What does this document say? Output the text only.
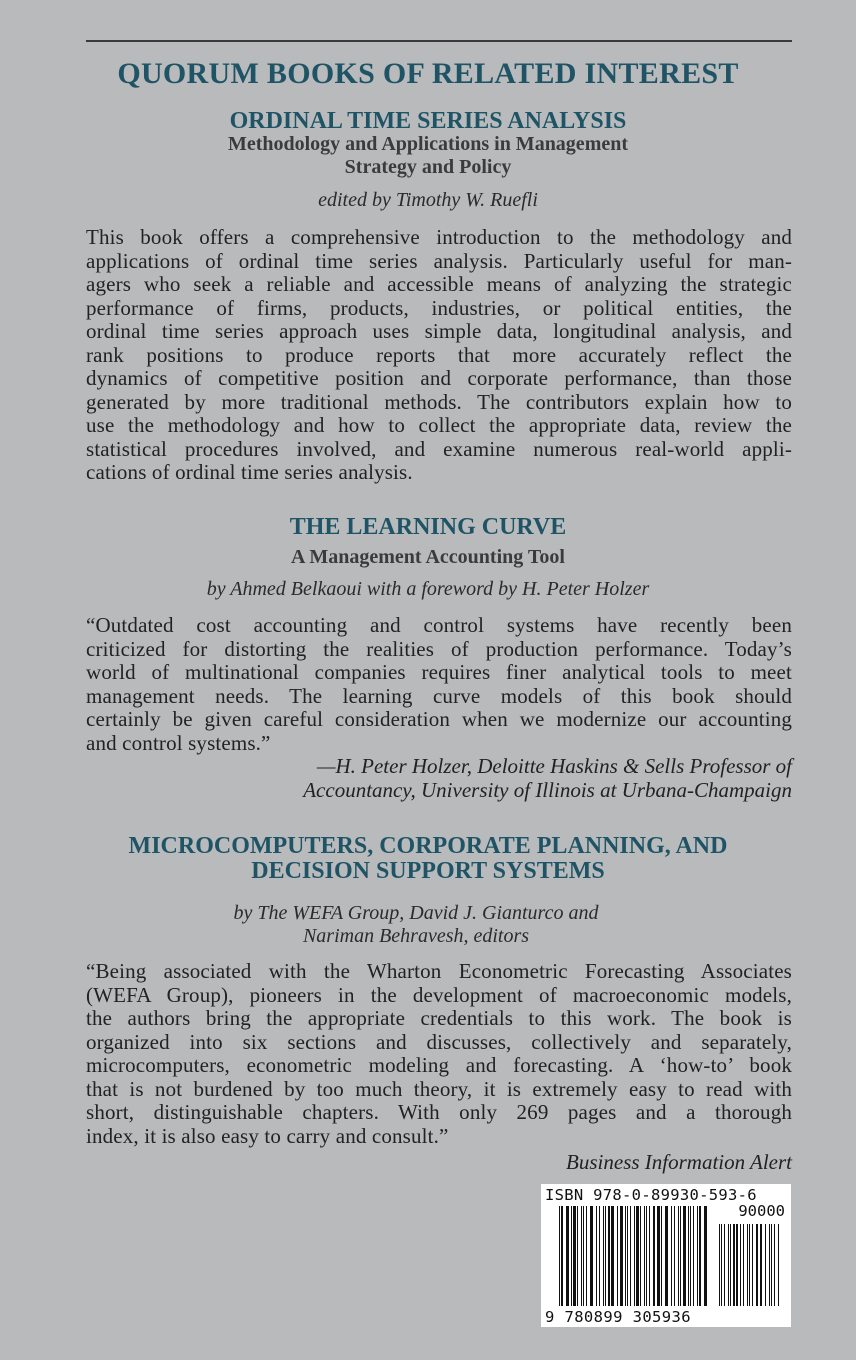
QUORUM BOOKS OF RELATED INTEREST
ORDINAL TIME SERIES ANALYSIS
Methodology and Applications in Management
Strategy and Policy
edited by Timothy W. Ruefli
This book offers a comprehensive introduction to the methodology and
applications of ordinal time series analysis. Particularly useful for man-
agers who seek a reliable and accessible means of analyzing the strategic
performance of firms, products, industries, or political entities, the
ordinal time series approach uses simple data, longitudinal analysis, and
rank positions to produce reports that more accurately reflect the
dynamics of competitive position and corporate performance, than those
generated by more traditional methods. The contributors explain how to
use the methodology and how to collect the appropriate data, review the
statistical procedures involved, and examine numerous real-world appli-
cations of ordinal time series analysis.
THE LEARNING CURVE
A Management Accounting Tool
by Ahmed Belkaoui with a foreword by H. Peter Holzer
“Outdated cost accounting and control systems have recently been
criticized for distorting the realities of production performance. Today’s
world of multinational companies requires finer analytical tools to meet
management needs. The learning curve models of this book should
certainly be given careful consideration when we modernize our accounting
and control systems.”
—H. Peter Holzer, Deloitte Haskins & Sells Professor of
Accountancy, University of Illinois at Urbana-Champaign
MICROCOMPUTERS, CORPORATE PLANNING, AND
DECISION SUPPORT SYSTEMS
by The WEFA Group, David J. Gianturco and
Nariman Behravesh, editors
“Being associated with the Wharton Econometric Forecasting Associates
(WEFA Group), pioneers in the development of macroeconomic models,
the authors bring the appropriate credentials to this work. The book is
organized into six sections and discusses, collectively and separately,
microcomputers, econometric modeling and forecasting. A ‘how-to’ book
that is not burdened by too much theory, it is extremely easy to read with
short, distinguishable chapters. With only 269 pages and a thorough
index, it is also easy to carry and consult.”
Business Information Alert
ISBN 978-0-89930-593-6
90000
9 780899 305936
